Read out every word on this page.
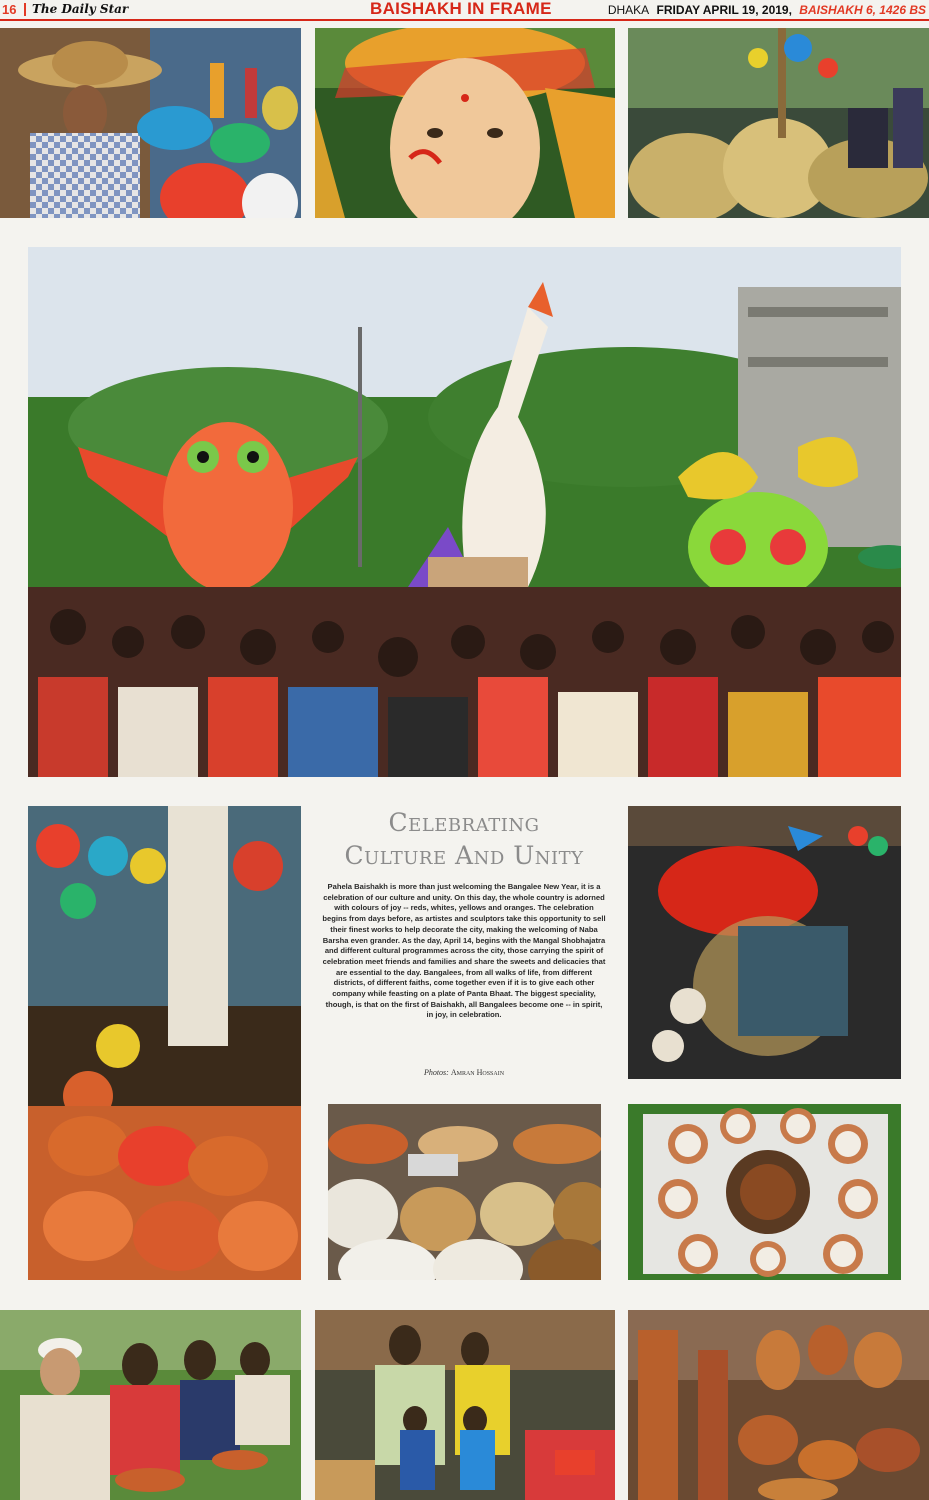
16 The Daily Star	BAISHAKH IN FRAME	DHAKA FRIDAY APRIL 19, 2019, BAISHAKH 6, 1426 BS
Celebrating
Culture And Unity
Pahela Baishakh is more than just welcoming the Bangalee New Year, it is a celebration of our culture and unity. On this day, the whole country is adorned with colours of joy -- reds, whites, yellows and oranges. The celebration begins from days before, as artistes and sculptors take this opportunity to sell their finest works to help decorate the city, making the welcoming of Naba Barsha even grander. As the day, April 14, begins with the Mangal Shobhajatra and different cultural programmes across the city, those carrying the spirit of celebration meet friends and families and share the sweets and delicacies that are essential to the day. Bangalees, from all walks of life, from different districts, of different faiths, come together even if it is to give each other company while feasting on a plate of Panta Bhaat. The biggest speciality, though, is that on the first of Baishakh, all Bangalees become one -- in spirit, in joy, in celebration.
Photos: Amran Hossain
